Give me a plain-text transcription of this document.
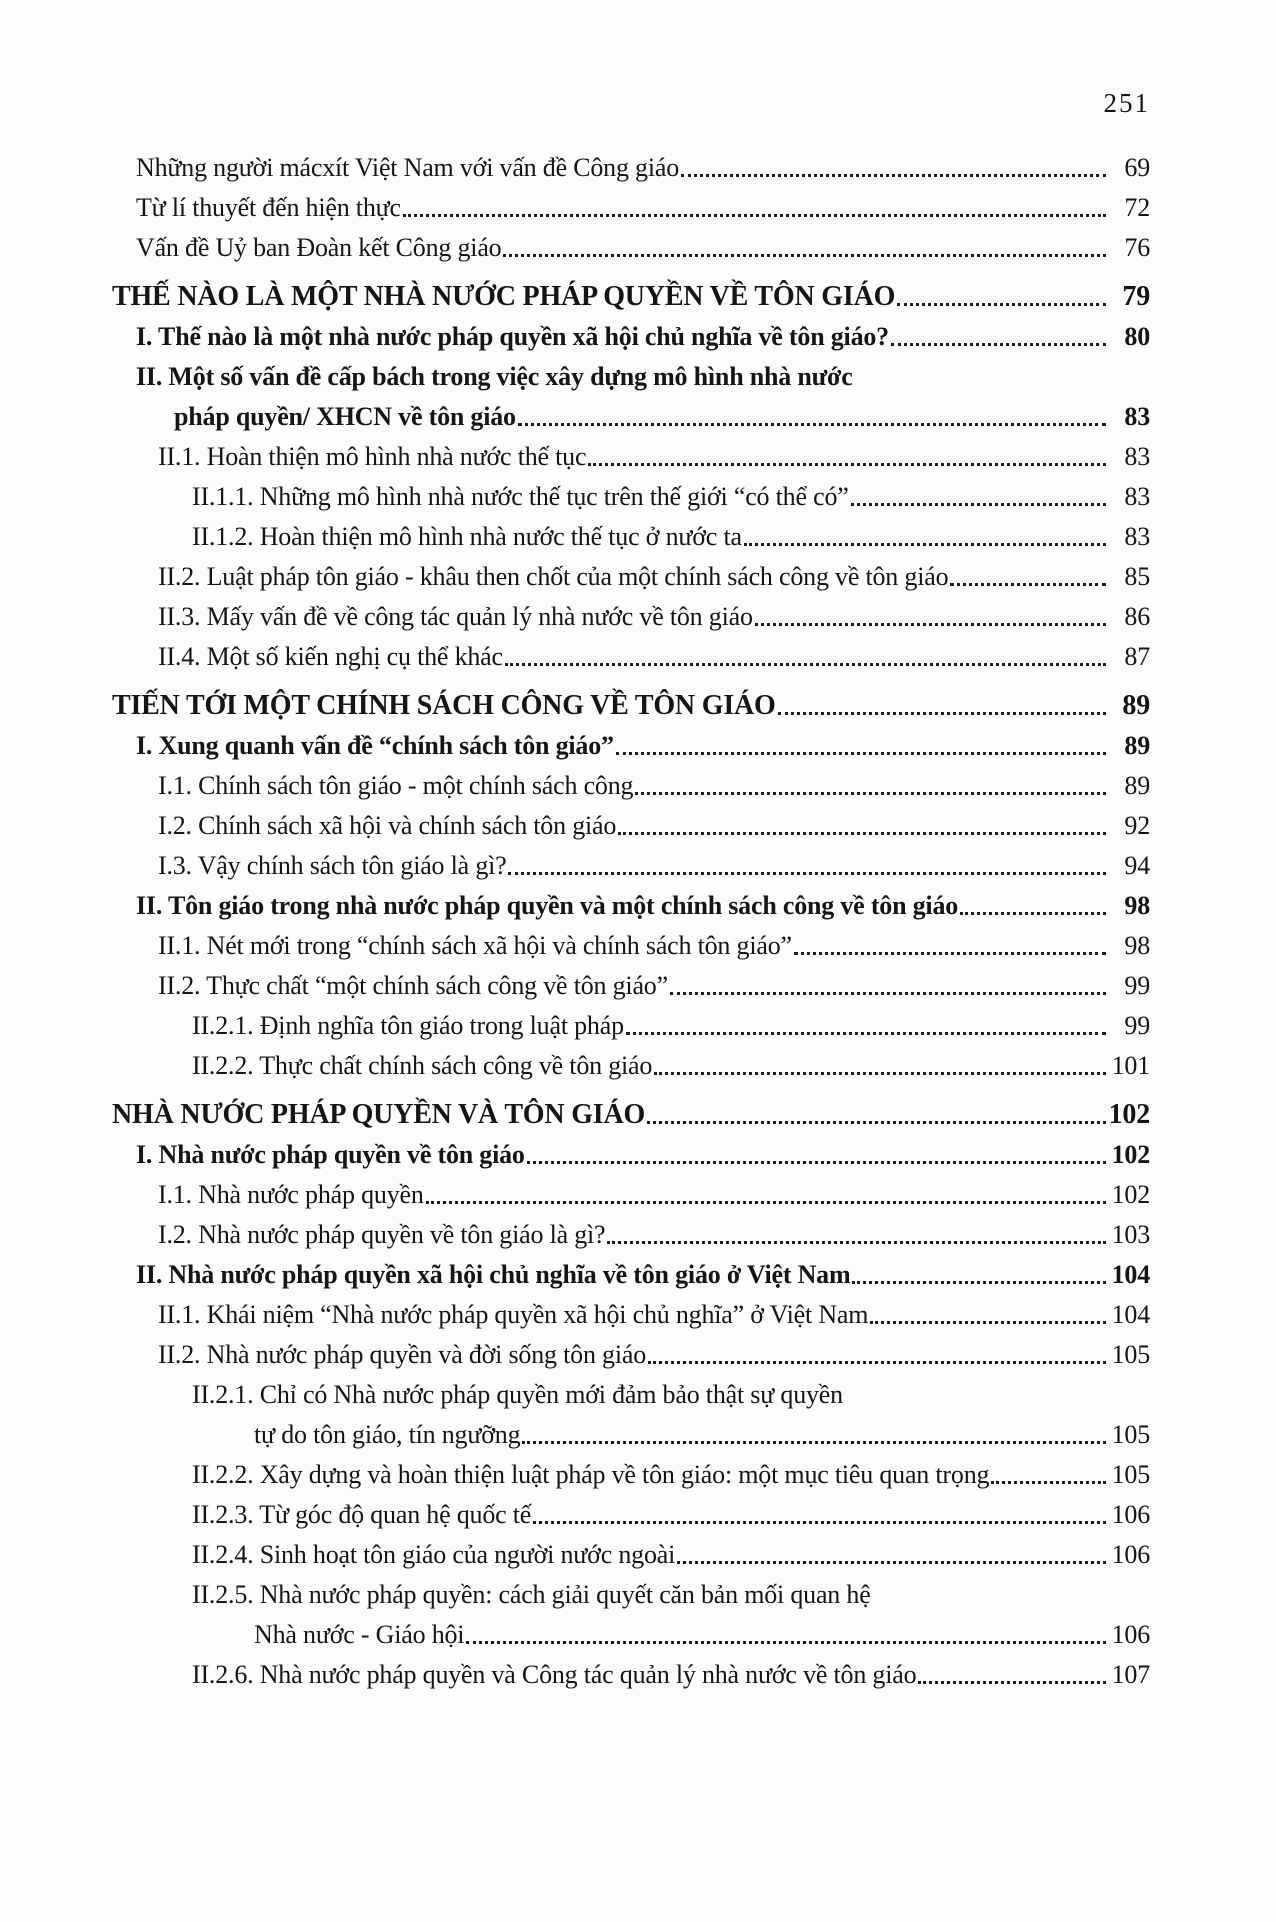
251
Những người mácxít Việt Nam với vấn đề Công giáo	69
Từ lí thuyết đến hiện thực	72
Vấn đề Uỷ ban Đoàn kết Công giáo	76
THẾ NÀO LÀ MỘT NHÀ NƯỚC PHÁP QUYỀN VỀ TÔN GIÁO	79
I. Thế nào là một nhà nước pháp quyền xã hội chủ nghĩa về tôn giáo?	80
II. Một số vấn đề cấp bách trong việc xây dựng mô hình nhà nước
pháp quyền/ XHCN về tôn giáo	83
II.1. Hoàn thiện mô hình nhà nước thế tục	83
II.1.1. Những mô hình nhà nước thế tục trên thế giới “có thể có”	83
II.1.2. Hoàn thiện mô hình nhà nước thế tục ở nước ta	83
II.2. Luật pháp tôn giáo - khâu then chốt của một chính sách công về tôn giáo	85
II.3. Mấy vấn đề về công tác quản lý nhà nước về tôn giáo	86
II.4. Một số kiến nghị cụ thể khác	87
TIẾN TỚI MỘT CHÍNH SÁCH CÔNG VỀ TÔN GIÁO	89
I. Xung quanh vấn đề “chính sách tôn giáo”	89
I.1. Chính sách tôn giáo - một chính sách công	89
I.2. Chính sách xã hội và chính sách tôn giáo	92
I.3. Vậy chính sách tôn giáo là gì?	94
II. Tôn giáo trong nhà nước pháp quyền và một chính sách công về tôn giáo	98
II.1. Nét mới trong “chính sách xã hội và chính sách tôn giáo”	98
II.2. Thực chất “một chính sách công về tôn giáo”	99
II.2.1. Định nghĩa tôn giáo trong luật pháp	99
II.2.2. Thực chất chính sách công về tôn giáo	101
NHÀ NƯỚC PHÁP QUYỀN VÀ TÔN GIÁO	102
I. Nhà nước pháp quyền về tôn giáo	102
I.1. Nhà nước pháp quyền	102
I.2. Nhà nước pháp quyền về tôn giáo là gì?	103
II. Nhà nước pháp quyền xã hội chủ nghĩa về tôn giáo ở Việt Nam	104
II.1. Khái niệm “Nhà nước pháp quyền xã hội chủ nghĩa” ở Việt Nam	104
II.2. Nhà nước pháp quyền và đời sống tôn giáo	105
II.2.1. Chỉ có Nhà nước pháp quyền mới đảm bảo thật sự quyền
tự do tôn giáo, tín ngưỡng	105
II.2.2. Xây dựng và hoàn thiện luật pháp về tôn giáo: một mục tiêu quan trọng	105
II.2.3. Từ góc độ quan hệ quốc tế	106
II.2.4. Sinh hoạt tôn giáo của người nước ngoài	106
II.2.5. Nhà nước pháp quyền: cách giải quyết căn bản mối quan hệ
Nhà nước - Giáo hội	106
II.2.6. Nhà nước pháp quyền và Công tác quản lý nhà nước về tôn giáo	107
